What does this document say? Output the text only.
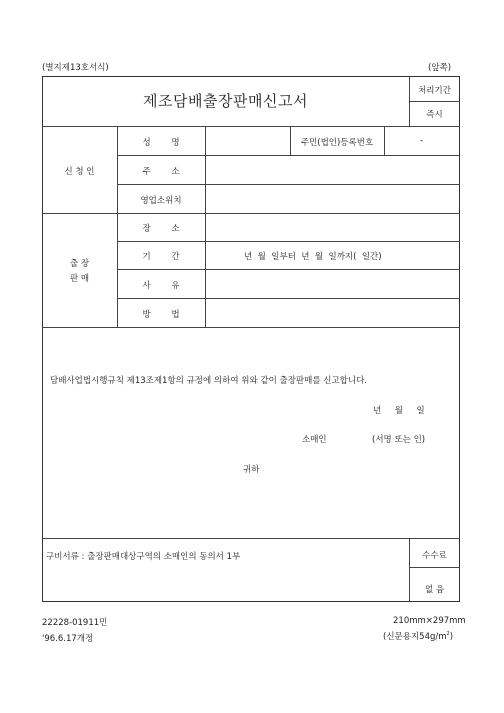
(별지제13호서식)	(앞쪽)
제조담배출장판매신고서
처리기간
즉시
신 청 인
성 명	주민(법인)등록번호	-
주 소
영업소위치
출 장
판 매
장 소
기 간	년  월  일부터  년  월  일까지(  일간)
사 유
방 법
담배사업법시행규칙 제13조제1항의 규정에 의하여 위와 같이 출장판매를 신고합니다.
년     월     일
소매인	(서명 또는 인)
귀하
구비서류 : 출장판매대상구역의 소매인의 동의서 1부	수수료
없 음
22228-01911민
'96.6.17개정
210mm×297mm
(신문용지$54g/m^2$)
